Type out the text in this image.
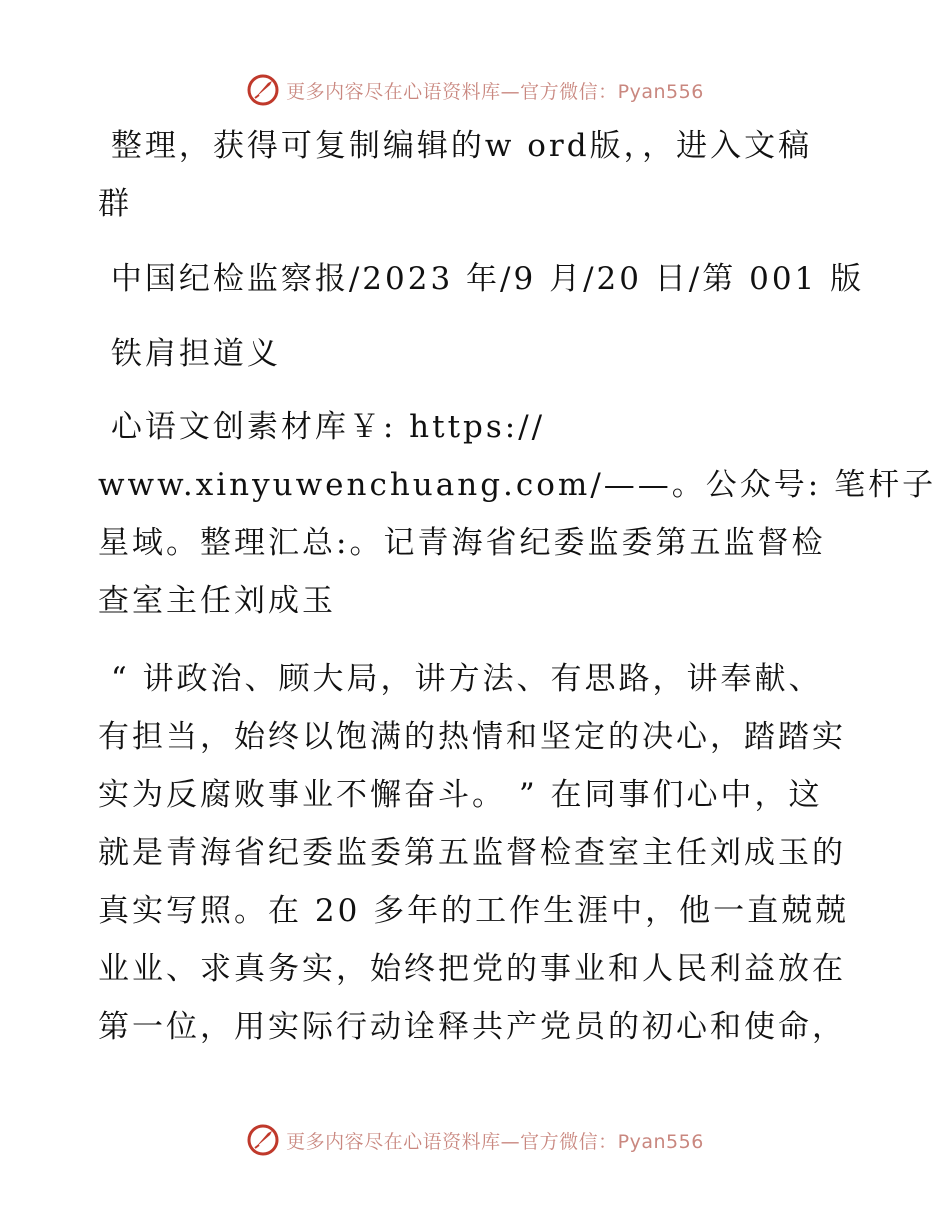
更多内容尽在心语资料库—官方微信：Pyan556
整理，获得可复制编辑的w ord版，，进入文稿
群
中国纪检监察报/2023 年/9 月/20 日/第 001 版
铁肩担道义
心语文创素材库￥: https://
www.xinyuwenchuang.com/——。公众号: 笔杆子
星域。整理汇总:。记青海省纪委监委第五监督检
查室主任刘成玉
“ 讲政治、顾大局，讲方法、有思路，讲奉献、
有担当，始终以饱满的热情和坚定的决心，踏踏实
实为反腐败事业不懈奋斗。 ” 在同事们心中，这
就是青海省纪委监委第五监督检查室主任刘成玉的
真实写照。在 20 多年的工作生涯中，他一直兢兢
业业、求真务实，始终把党的事业和人民利益放在
第一位，用实际行动诠释共产党员的初心和使命，
更多内容尽在心语资料库—官方微信：Pyan556
